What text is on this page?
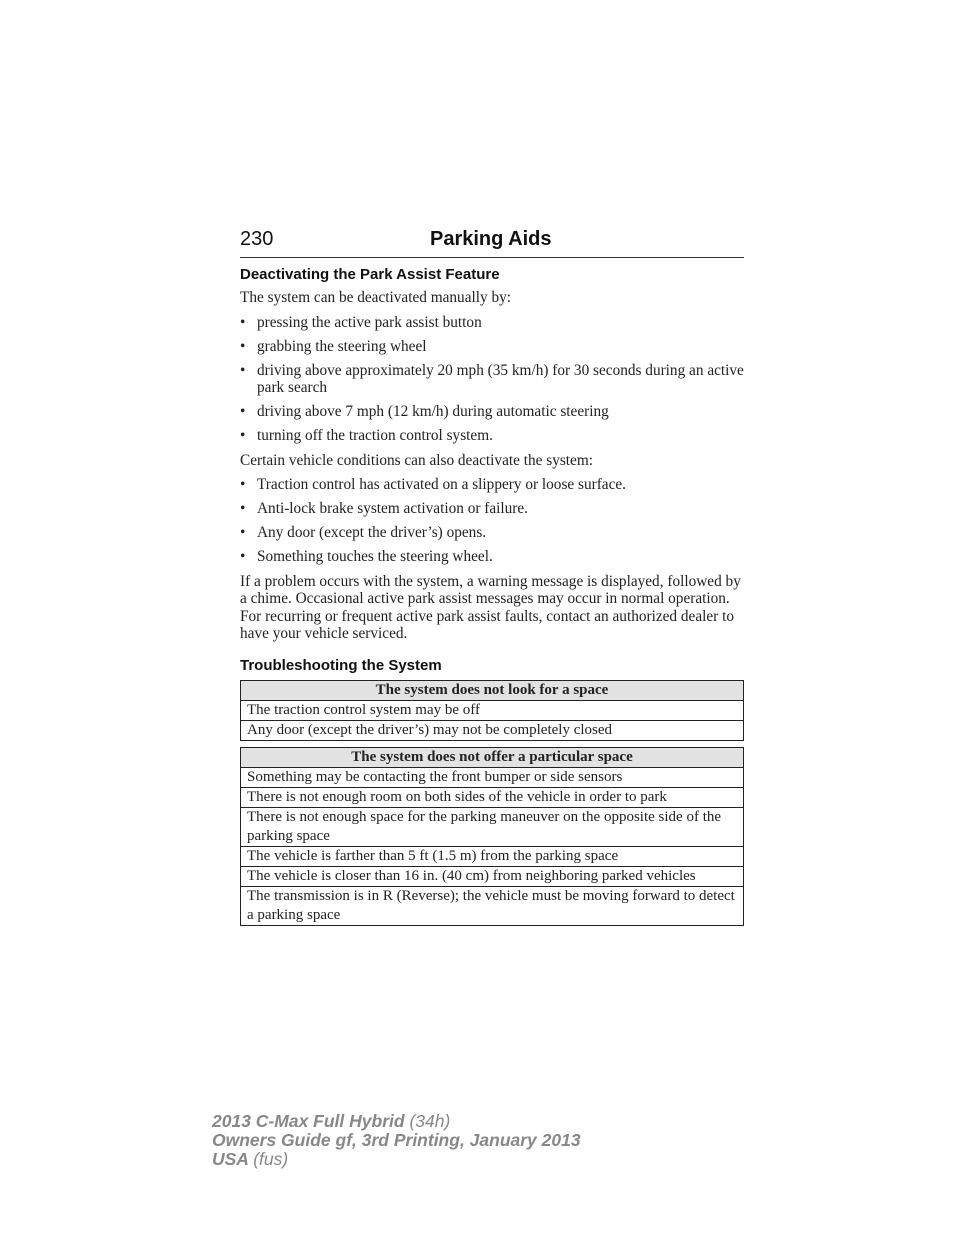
230	Parking Aids
Deactivating the Park Assist Feature

The system can be deactivated manually by:

• pressing the active park assist button
• grabbing the steering wheel
• driving above approximately 20 mph (35 km/h) for 30 seconds during an active park search
• driving above 7 mph (12 km/h) during automatic steering
• turning off the traction control system.

Certain vehicle conditions can also deactivate the system:

• Traction control has activated on a slippery or loose surface.
• Anti-lock brake system activation or failure.
• Any door (except the driver’s) opens.
• Something touches the steering wheel.

If a problem occurs with the system, a warning message is displayed, followed by a chime. Occasional active park assist messages may occur in normal operation. For recurring or frequent active park assist faults, contact an authorized dealer to have your vehicle serviced.

Troubleshooting the System
The system does not look for a space
The traction control system may be off
Any door (except the driver’s) may not be completely closed
The system does not offer a particular space
Something may be contacting the front bumper or side sensors
There is not enough room on both sides of the vehicle in order to park
There is not enough space for the parking maneuver on the opposite side of the parking space
The vehicle is farther than 5 ft (1.5 m) from the parking space
The vehicle is closer than 16 in. (40 cm) from neighboring parked vehicles
The transmission is in R (Reverse); the vehicle must be moving forward to detect a parking space
2013 C-Max Full Hybrid (34h)
Owners Guide gf, 3rd Printing, January 2013
USA (fus)
